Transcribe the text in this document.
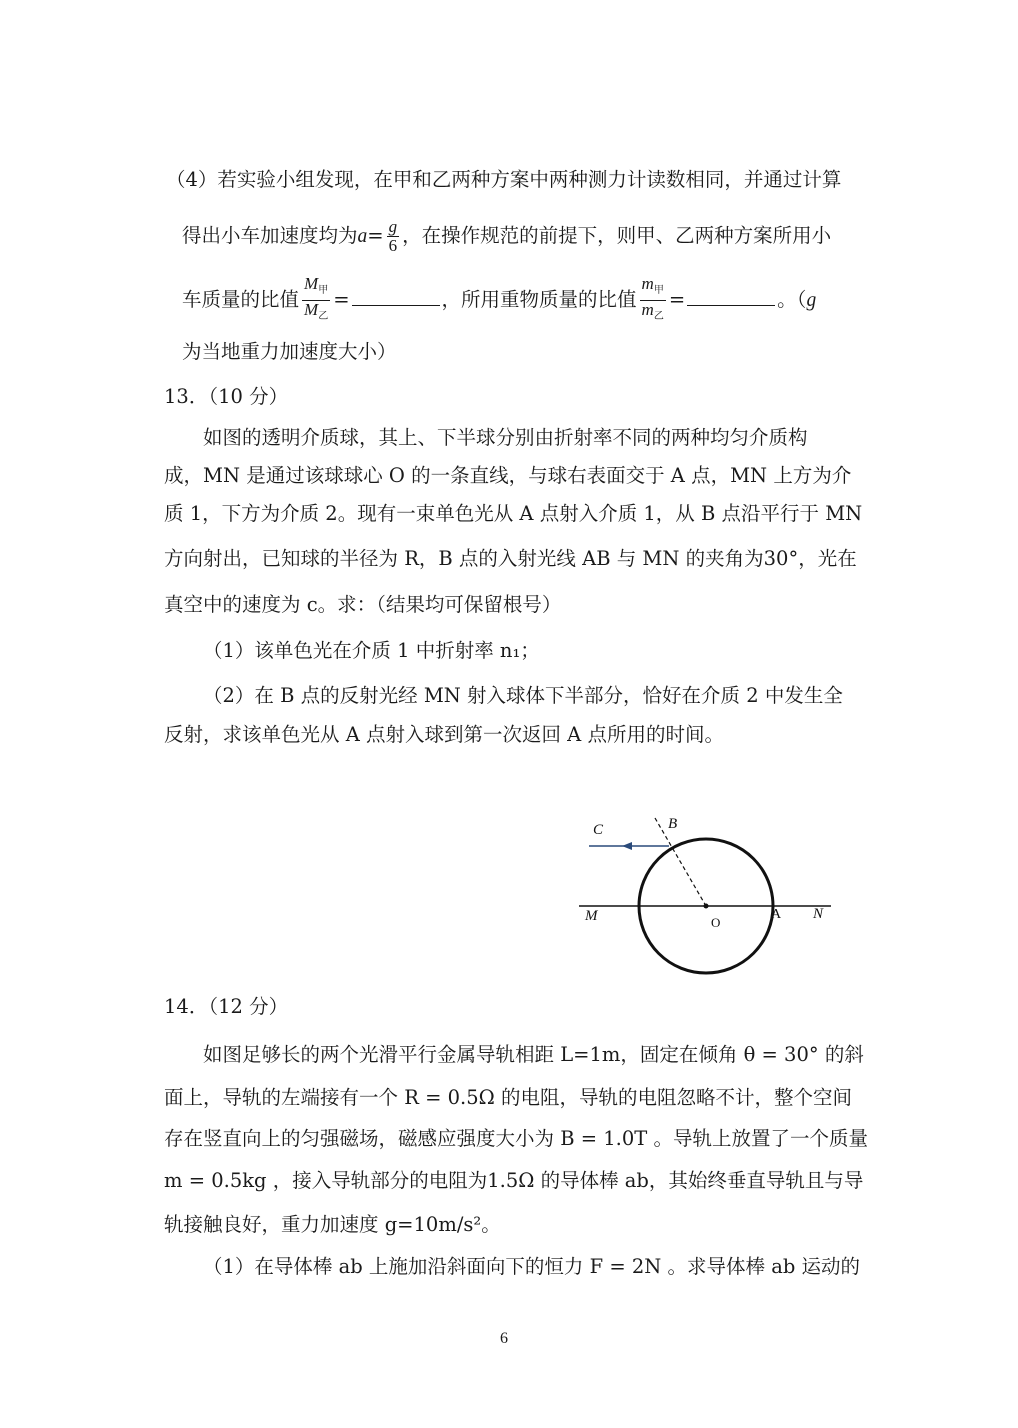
（4）若实验小组发现，在甲和乙两种方案中两种测力计读数相同，并通过计算
得出小车加速度均为$a= \frac{g}{6}$ ，在操作规范的前提下，则甲、乙两种方案所用小
车质量的比值 $\frac{M_甲}{M_乙}$ =	，所用重物质量的比值 $\frac{m_甲}{m_乙}$ =	。（g
为当地重力加速度大小）
13．（10 分）
如图的透明介质球，其上、下半球分别由折射率不同的两种均匀介质构
成，MN 是通过该球球心 O 的一条直线，与球右表面交于 A 点，MN 上方为介
质 1，下方为介质 2。现有一束单色光从 A 点射入介质 1，从 B 点沿平行于 MN
方向射出，已知球的半径为 R，B 点的入射光线 AB 与 MN 的夹角为30°，光在
真空中的速度为 c。求：（结果均可保留根号）
（1）该单色光在介质 1 中折射率 n₁；
（2）在 B 点的反射光经 MN 射入球体下半部分，恰好在介质 2 中发生全
反射，求该单色光从 A 点射入球到第一次返回 A 点所用的时间。
C	B
M	O
A N
14．（12 分）
如图足够长的两个光滑平行金属导轨相距 L=1m，固定在倾角 θ = 30° 的斜
面上，导轨的左端接有一个 R = 0.5Ω 的电阻，导轨的电阻忽略不计，整个空间
存在竖直向上的匀强磁场，磁感应强度大小为 B = 1.0T 。导轨上放置了一个质量
m = 0.5kg ，接入导轨部分的电阻为1.5Ω 的导体棒 ab，其始终垂直导轨且与导
轨接触良好，重力加速度 g=10m/s²。
（1）在导体棒 ab 上施加沿斜面向下的恒力 F = 2N 。求导体棒 ab 运动的
6
